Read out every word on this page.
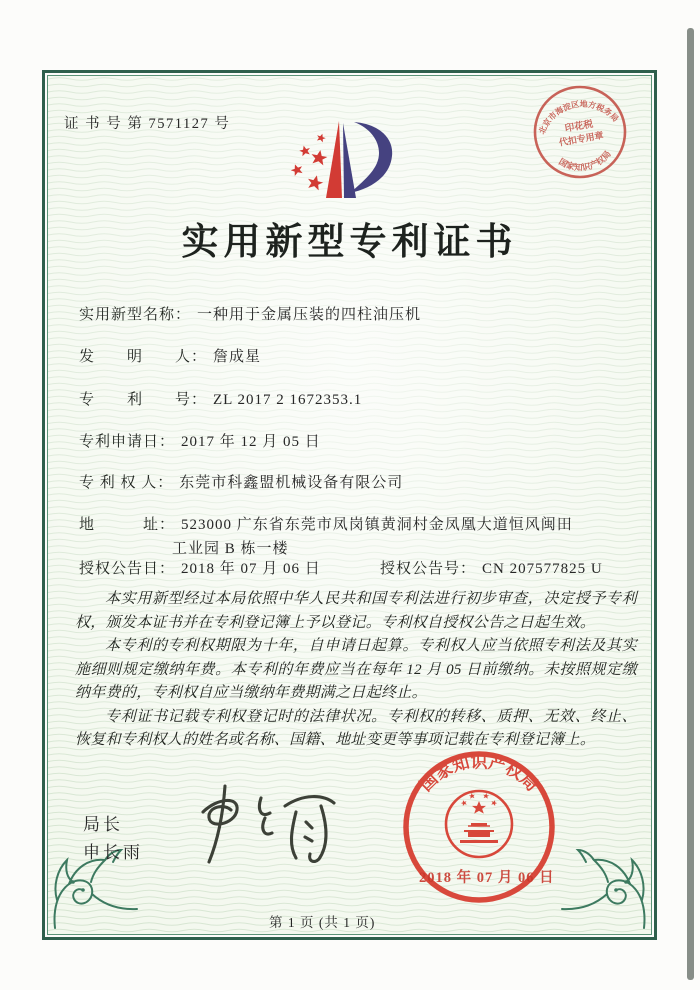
证 书 号 第 7571127 号
实用新型专利证书
实用新型名称： 一种用于金属压装的四柱油压机
发　　明　　人： 詹成星
专　　利　　号： ZL 2017 2 1672353.1
专利申请日： 2017 年 12 月 05 日
专 利 权 人： 东莞市科鑫盟机械设备有限公司
地　　　址： 523000 广东省东莞市凤岗镇黄洞村金凤凰大道恒风闽田
工业园 B 栋一楼
授权公告日： 2018 年 07 月 06 日	授权公告号： CN 207577825 U

本实用新型经过本局依照中华人民共和国专利法进行初步审查，决定授予专利权，颁发本证书并在专利登记簿上予以登记。专利权自授权公告之日起生效。

本专利的专利权期限为十年，自申请日起算。专利权人应当依照专利法及其实施细则规定缴纳年费。本专利的年费应当在每年 12 月 05 日前缴纳。未按照规定缴纳年费的，专利权自应当缴纳年费期满之日起终止。

专利证书记载专利权登记时的法律状况。专利权的转移、质押、无效、终止、恢复和专利权人的姓名或名称、国籍、地址变更等事项记载在专利登记簿上。

局长
申长雨
国家知识产权局
2018 年 07 月 06 日
北京市海淀区地方税务局
国家知识产权局
印花税
代扣专用章
第 1 页 (共 1 页)
